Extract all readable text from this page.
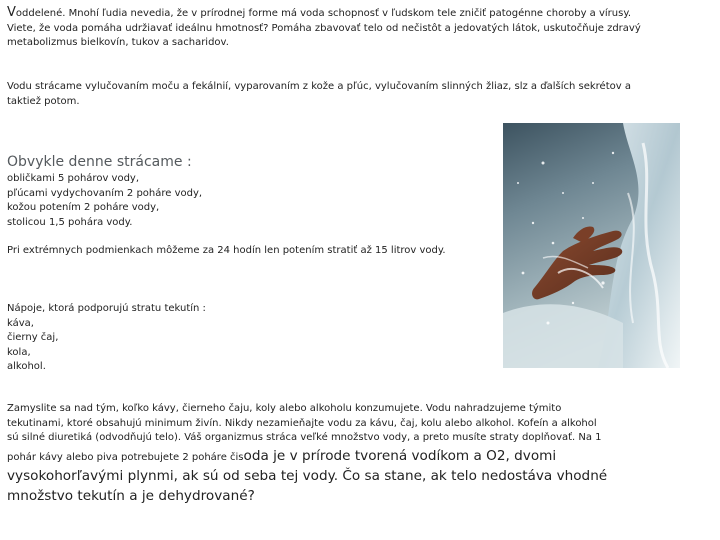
Voddelené. Mnohí ľudia nevedia, že v prírodnej forme má voda schopnosť v ľudskom tele zničiť patogénne choroby a vírusy.
Viete, že voda pomáha udržiavať ideálnu hmotnosť? Pomáha zbavovať telo od nečistôt a jedovatých látok, uskutočňuje zdravý metabolizmus bielkovín, tukov a sacharidov.

Vodu strácame vylučovaním moču a fekálnií, vyparovaním z kože a pľúc, vylučovaním slinných žliaz, slz a ďalších sekrétov a taktiež potom.

Obvykle denne strácame :

obličkami 5 pohárov vody,
pľúcami vydychovaním 2 poháre vody,
kožou potením 2 poháre vody,
stolicou 1,5 pohára vody.

Pri extrémnych podmienkach môžeme za 24 hodín len potením stratiť až 15 litrov vody.

Nápoje, ktorá podporujú stratu tekutín :
káva,
čierny čaj,
kola,
alkohol.

Zamyslite sa nad tým, koľko kávy, čierneho čaju, koly alebo alkoholu konzumujete. Vodu nahradzujeme týmito tekutinami, ktoré obsahujú minimum živín. Nikdy nezamieňajte vodu za kávu, čaj, kolu alebo alkohol. Kofeín a alkohol sú silné diuretiká (odvodňujú telo). Váš organizmus stráca veľké množstvo vody, a preto musíte straty doplňovať. Na 1 pohár kávy alebo piva potrebujete 2 poháre čisoda je v prírode tvorená vodíkom a O2, dvomi vysokohorľavými plynmi, ak sú od seba tej vody. Čo sa stane, ak telo nedostáva vhodné množstvo tekutín a je dehydrované?
